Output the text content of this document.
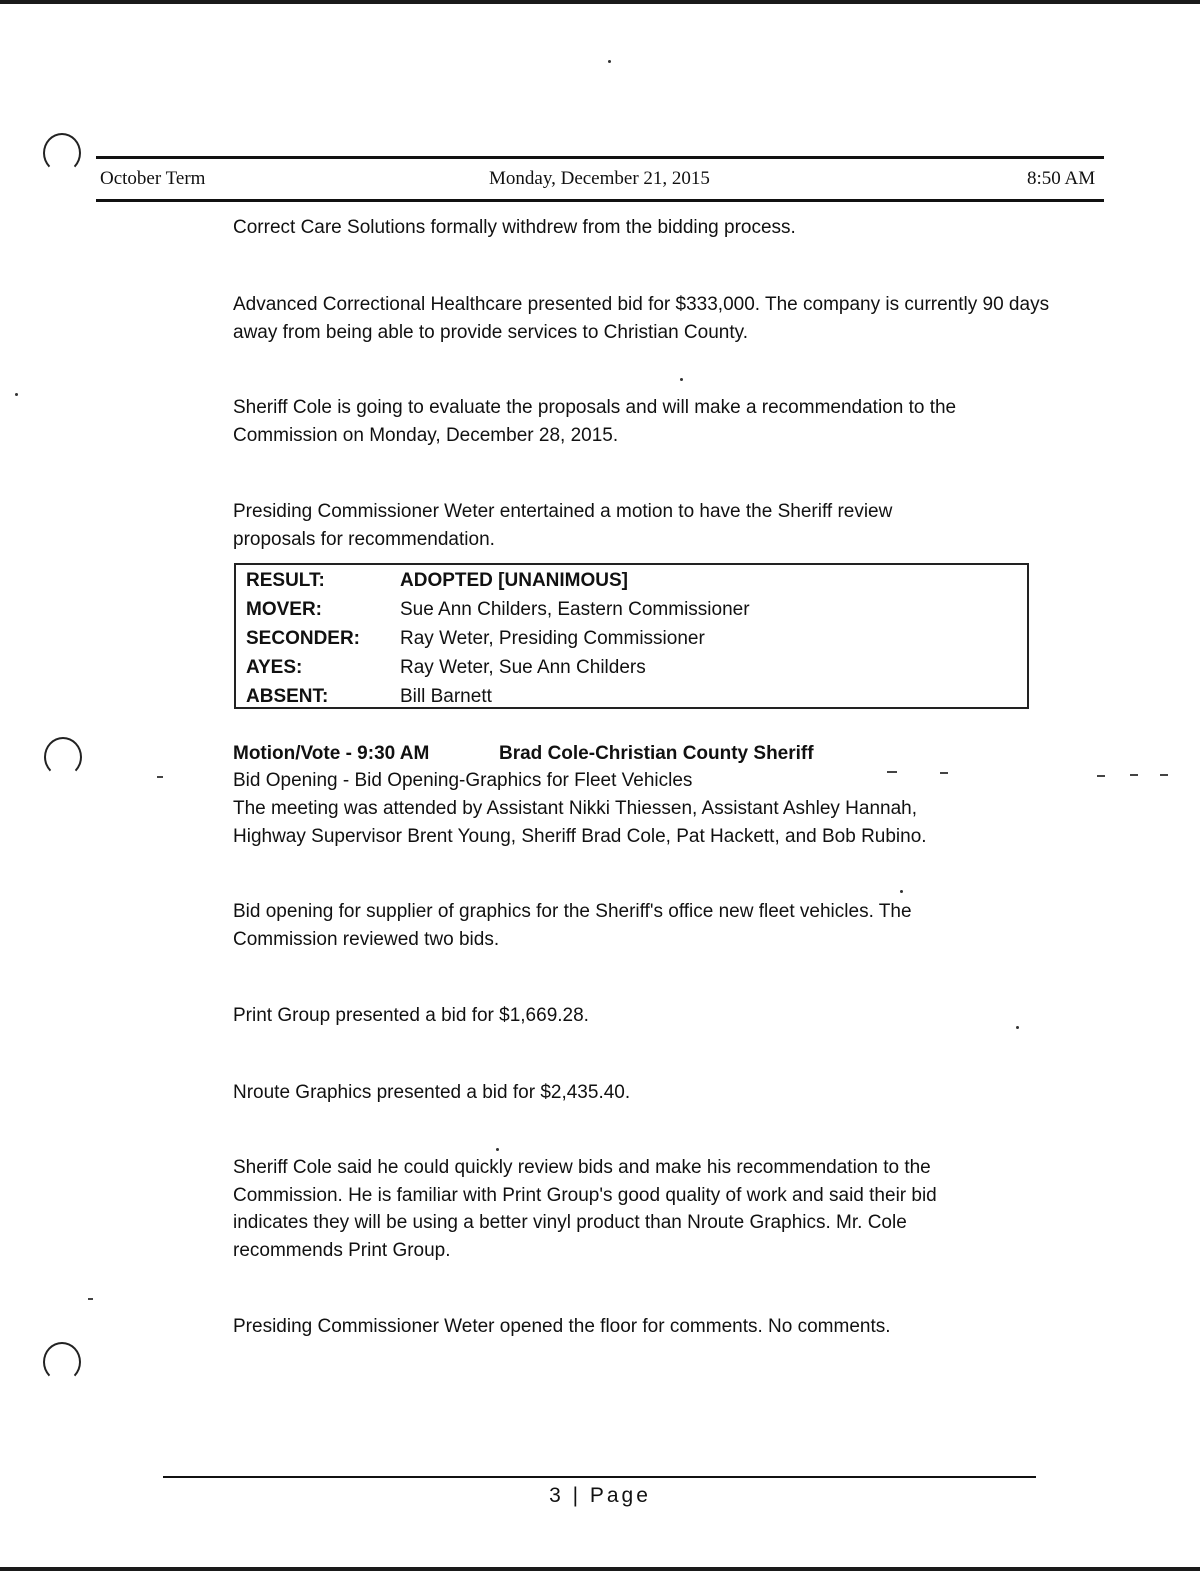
October Term	Monday, December 21, 2015	8:50 AM

Correct Care Solutions formally withdrew from the bidding process.

Advanced Correctional Healthcare presented bid for $333,000. The company is currently 90 days away from being able to provide services to Christian County.

Sheriff Cole is going to evaluate the proposals and will make a recommendation to the Commission on Monday, December 28, 2015.

Presiding Commissioner Weter entertained a motion to have the Sheriff review proposals for recommendation.

RESULT:	ADOPTED [UNANIMOUS]
MOVER:	Sue Ann Childers, Eastern Commissioner
SECONDER: Ray Weter, Presiding Commissioner
AYES:	Ray Weter, Sue Ann Childers
ABSENT:	Bill Barnett
Motion/Vote - 9:30 AM	Brad Cole-Christian County Sheriff

Bid Opening - Bid Opening-Graphics for Fleet Vehicles

The meeting was attended by Assistant Nikki Thiessen, Assistant Ashley Hannah, Highway Supervisor Brent Young, Sheriff Brad Cole, Pat Hackett, and Bob Rubino.

Bid opening for supplier of graphics for the Sheriff's office new fleet vehicles. The Commission reviewed two bids.

Print Group presented a bid for $1,669.28.

Nroute Graphics presented a bid for $2,435.40.

Sheriff Cole said he could quickly review bids and make his recommendation to the Commission. He is familiar with Print Group's good quality of work and said their bid indicates they will be using a better vinyl product than Nroute Graphics. Mr. Cole recommends Print Group.

Presiding Commissioner Weter opened the floor for comments. No comments.

3 | Page
